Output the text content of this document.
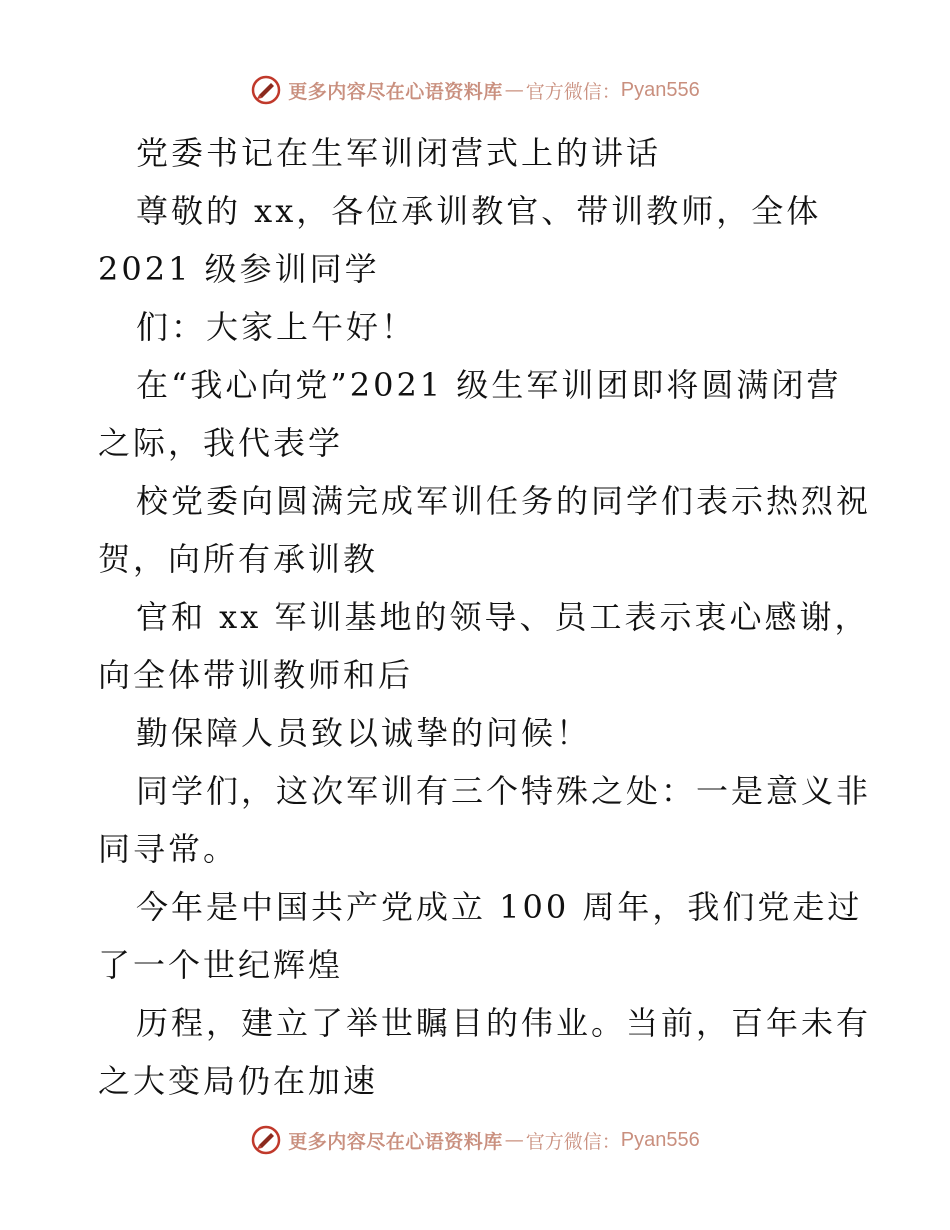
更多内容尽在心语资料库 — 官方微信： Pyan556
党委书记在生军训闭营式上的讲话
尊敬的 xx，各位承训教官、带训教师，全体
2021 级参训同学
们：大家上午好！
在“我心向党”2021 级生军训团即将圆满闭营
之际，我代表学
校党委向圆满完成军训任务的同学们表示热烈祝
贺，向所有承训教
官和 xx 军训基地的领导、员工表示衷心感谢，
向全体带训教师和后
勤保障人员致以诚挚的问候！
同学们，这次军训有三个特殊之处：一是意义非
同寻常。
今年是中国共产党成立 100 周年，我们党走过
了一个世纪辉煌
历程，建立了举世瞩目的伟业。当前，百年未有
之大变局仍在加速
更多内容尽在心语资料库 — 官方微信： Pyan556
